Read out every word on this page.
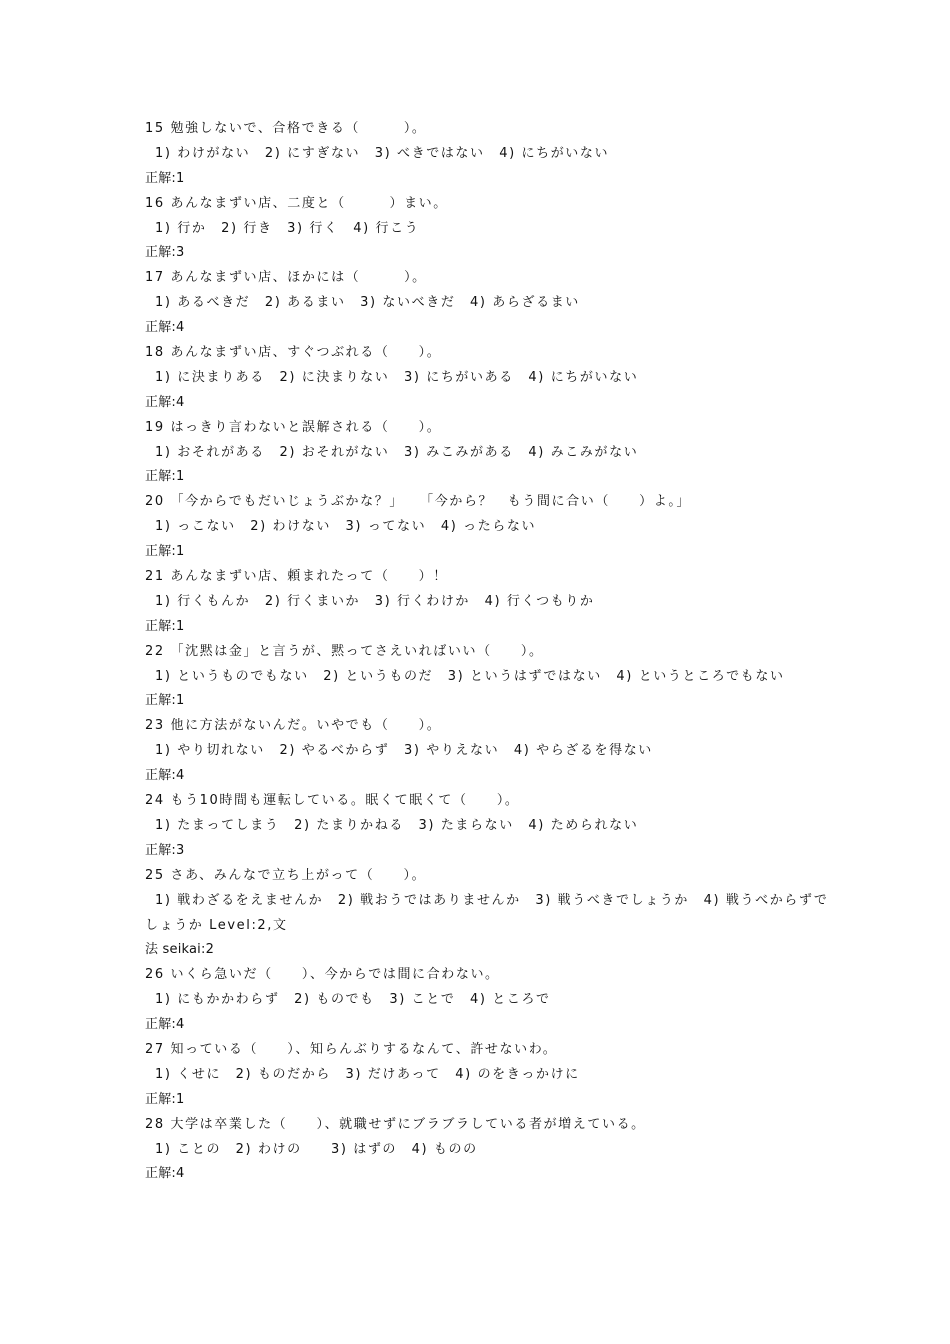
15 勉強しないで、合格できる（　　　）。
1) わけがない　2) にすぎない　3) べきではない　4) にちがいない
正解:1
16 あんなまずい店、二度と（　　　）まい。
1) 行か　2) 行き　3) 行く　4) 行こう
正解:3
17 あんなまずい店、ほかには（　　　）。
1) あるべきだ　2) あるまい　3) ないべきだ　4) あらざるまい
正解:4
18 あんなまずい店、すぐつぶれる（　　）。
1) に決まりある　2) に決まりない　3) にちがいある　4) にちがいない
正解:4
19 はっきり言わないと誤解される（　　）。
1) おそれがある　2) おそれがない　3) みこみがある　4) みこみがない
正解:1
20 「今からでもだいじょうぶかな？」　　「今から？　もう間に合い（　　）よ。」
1) っこない　2) わけない　3) ってない　4) ったらない
正解:1
21 あんなまずい店、頼まれたって（　　）！
1) 行くもんか　2) 行くまいか　3) 行くわけか　4) 行くつもりか
正解:1
22 「沈黙は金」と言うが、黙ってさえいればいい（　　）。
1) というものでもない　2) というものだ　3) というはずではない　4) というところでもない
正解:1
23 他に方法がないんだ。いやでも（　　）。
1) やり切れない　2) やるべからず　3) やりえない　4) やらざるを得ない
正解:4
24 もう10時間も運転している。眠くて眠くて（　　）。
1) たまってしまう　2) たまりかねる　3) たまらない　4) ためられない
正解:3
25 さあ、みんなで立ち上がって（　　）。
1) 戦わざるをえませんか　2) 戦おうではありませんか　3) 戦うべきでしょうか　4) 戦うべからずで
しょうか Level:2,文
法 seikai:2
26 いくら急いだ（　　）、今からでは間に合わない。
1) にもかかわらず　2) ものでも　3) ことで　4) ところで
正解:4
27 知っている（　　）、知らんぶりするなんて、許せないわ。
1) くせに　2) ものだから　3) だけあって　4) のをきっかけに
正解:1
28 大学は卒業した（　　）、就職せずにブラブラしている者が増えている。
1) ことの　2) わけの　　3) はずの　4) ものの
正解:4
